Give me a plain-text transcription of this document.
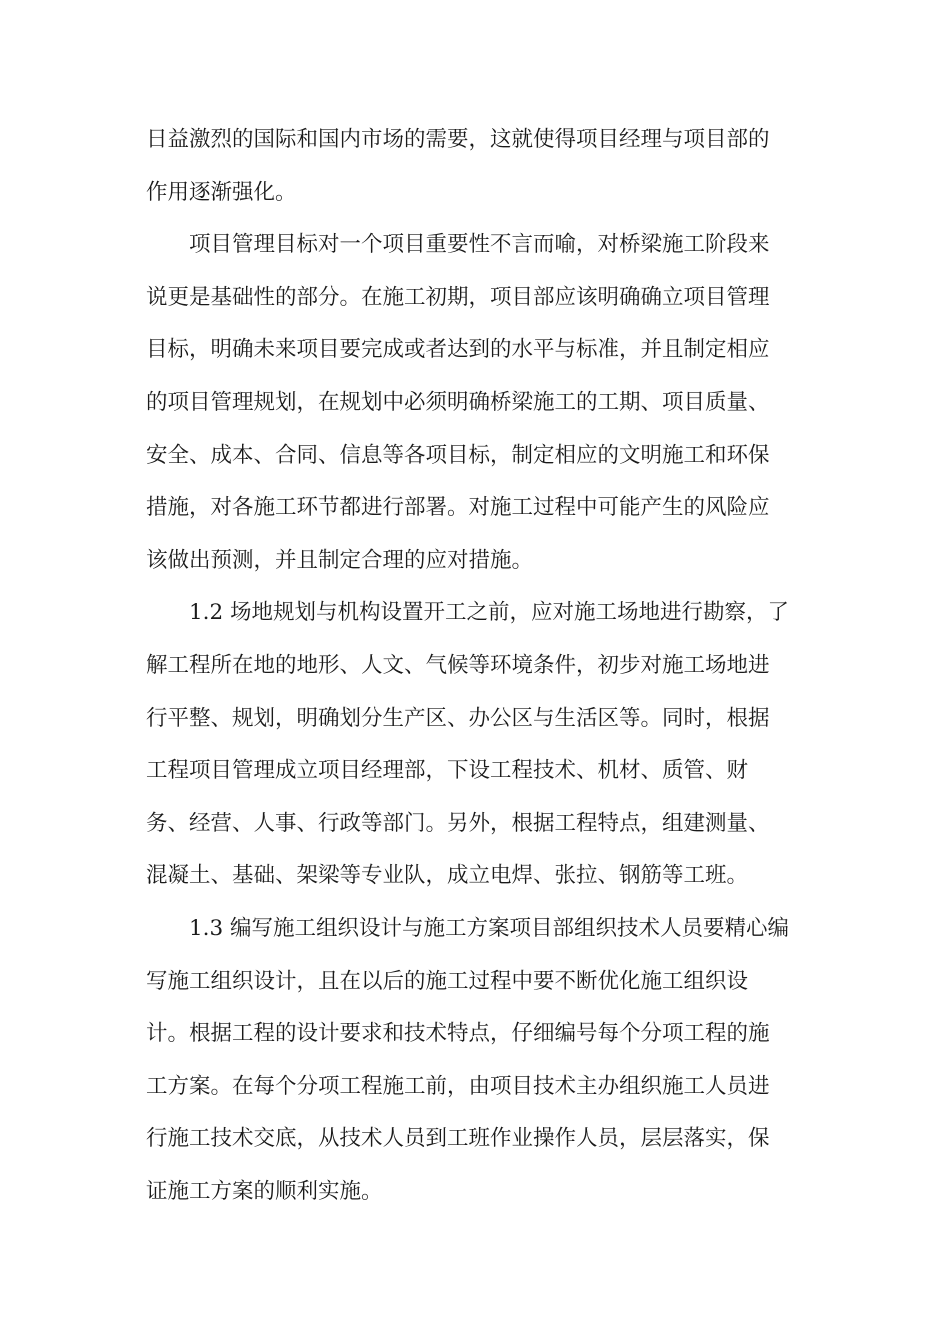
日益激烈的国际和国内市场的需要，这就使得项目经理与项目部的

作用逐渐强化。

项目管理目标对一个项目重要性不言而喻，对桥梁施工阶段来

说更是基础性的部分。在施工初期，项目部应该明确确立项目管理

目标，明确未来项目要完成或者达到的水平与标准，并且制定相应

的项目管理规划，在规划中必须明确桥梁施工的工期、项目质量、

安全、成本、合同、信息等各项目标，制定相应的文明施工和环保

措施，对各施工环节都进行部署。对施工过程中可能产生的风险应

该做出预测，并且制定合理的应对措施。

1.2 场地规划与机构设置开工之前，应对施工场地进行勘察，了

解工程所在地的地形、人文、气候等环境条件，初步对施工场地进

行平整、规划，明确划分生产区、办公区与生活区等。同时，根据

工程项目管理成立项目经理部，下设工程技术、机材、质管、财

务、经营、人事、行政等部门。另外，根据工程特点，组建测量、

混凝土、基础、架梁等专业队，成立电焊、张拉、钢筋等工班。

1.3 编写施工组织设计与施工方案项目部组织技术人员要精心编

写施工组织设计，且在以后的施工过程中要不断优化施工组织设

计。根据工程的设计要求和技术特点，仔细编号每个分项工程的施

工方案。在每个分项工程施工前，由项目技术主办组织施工人员进

行施工技术交底，从技术人员到工班作业操作人员，层层落实，保

证施工方案的顺利实施。
